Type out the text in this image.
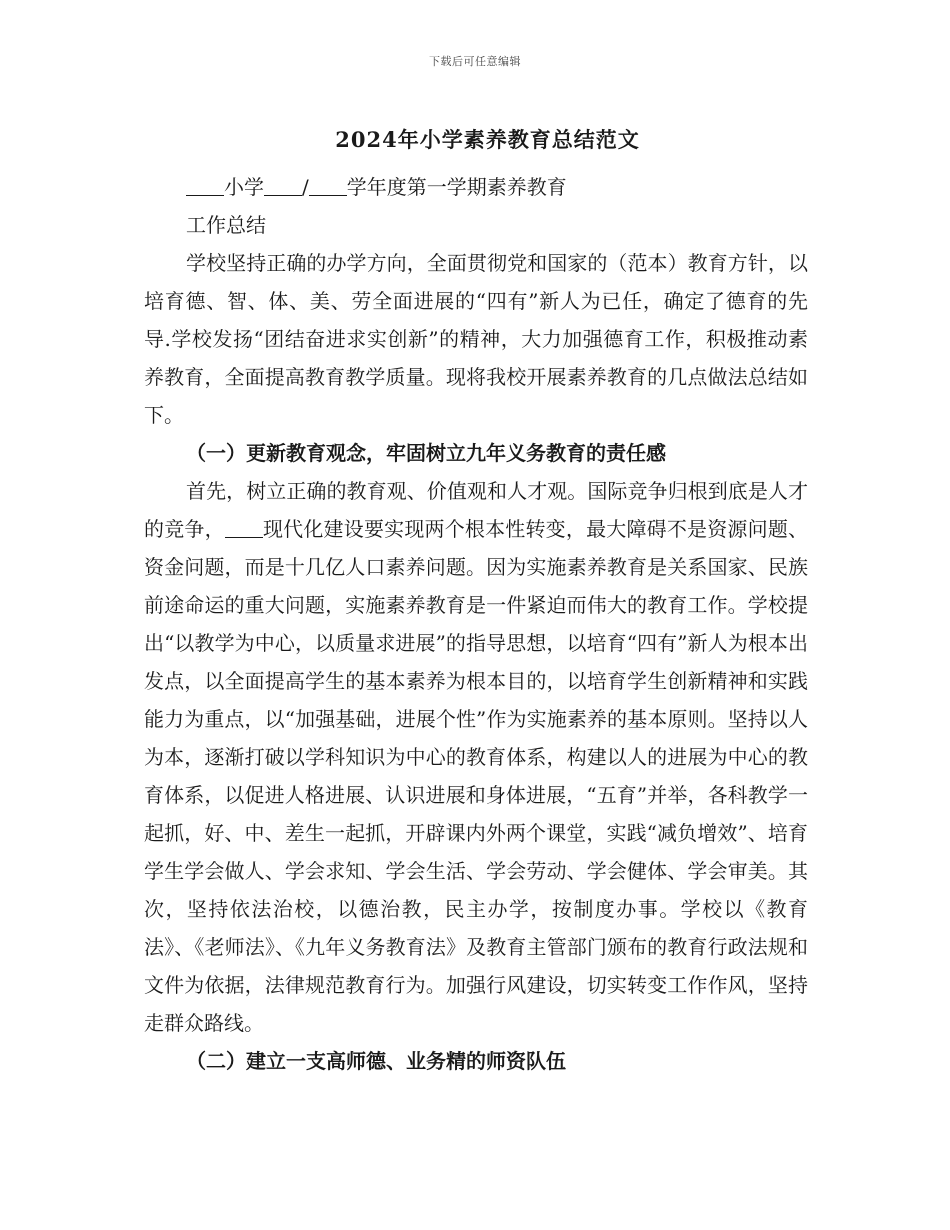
下载后可任意编辑
2024年小学素养教育总结范文

小学 / 学年度第一学期素养教育

工作总结

学校坚持正确的办学方向，全面贯彻党和国家的（范本）教育方针，以培育德、智、体、美、劳全面进展的“四有”新人为已任，确定了德育的先导.学校发扬“团结奋进求实创新”的精神，大力加强德育工作，积极推动素养教育，全面提高教育教学质量。现将我校开展素养教育的几点做法总结如下。

（一）更新教育观念，牢固树立九年义务教育的责任感

首先，树立正确的教育观、价值观和人才观。国际竞争归根到底是人才的竞争， 现代化建设要实现两个根本性转变，最大障碍不是资源问题、资金问题，而是十几亿人口素养问题。因为实施素养教育是关系国家、民族前途命运的重大问题，实施素养教育是一件紧迫而伟大的教育工作。学校提出“以教学为中心，以质量求进展”的指导思想，以培育“四有”新人为根本出发点，以全面提高学生的基本素养为根本目的，以培育学生创新精神和实践能力为重点，以“加强基础，进展个性”作为实施素养的基本原则。坚持以人为本，逐渐打破以学科知识为中心的教育体系，构建以人的进展为中心的教育体系，以促进人格进展、认识进展和身体进展，“五育”并举，各科教学一起抓，好、中、差生一起抓，开辟课内外两个课堂，实践“减负增效”、培育学生学会做人、学会求知、学会生活、学会劳动、学会健体、学会审美。其次，坚持依法治校，以德治教，民主办学，按制度办事。学校以《教育法》、《老师法》、《九年义务教育法》及教育主管部门颁布的教育行政法规和文件为依据，法律规范教育行为。加强行风建设，切实转变工作作风，坚持走群众路线。

（二）建立一支高师德、业务精的师资队伍
